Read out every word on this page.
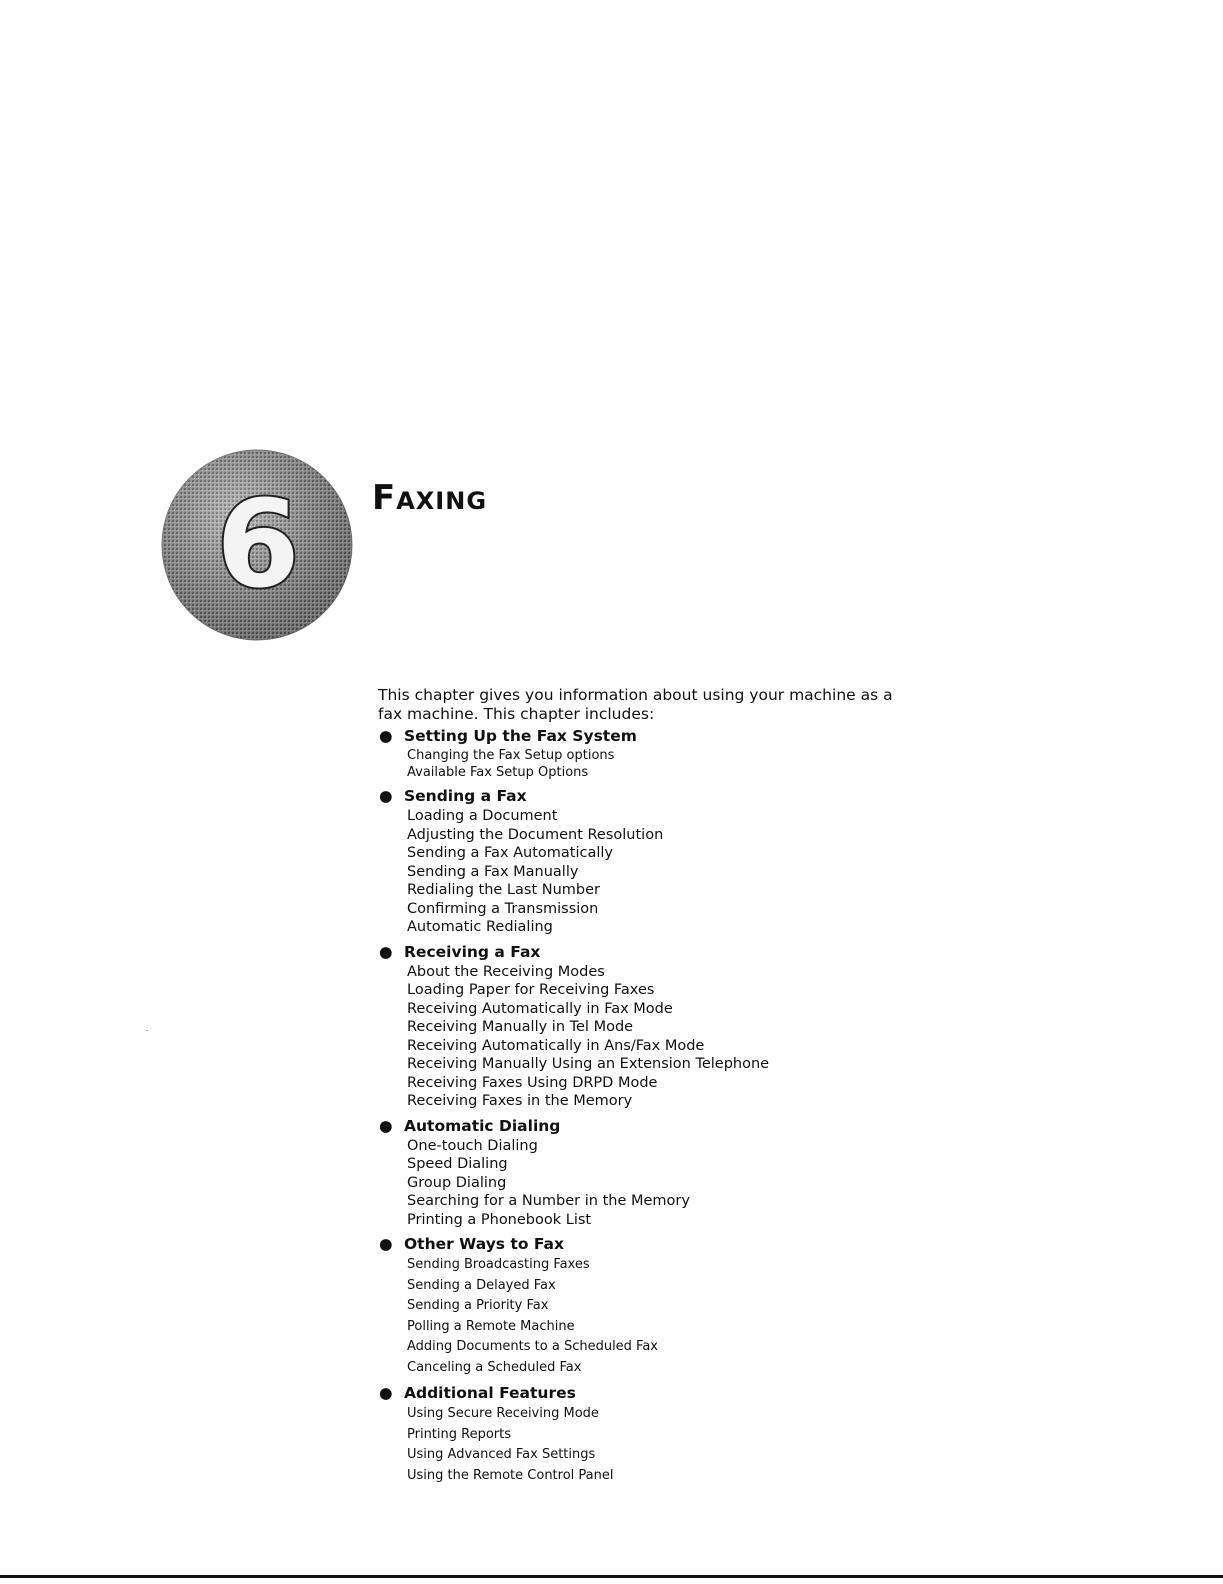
6 Faxing

This chapter gives you information about using your machine as a fax machine. This chapter includes:

● Setting Up the Fax System
Changing the Fax Setup options
Available Fax Setup Options
● Sending a Fax
Loading a Document
Adjusting the Document Resolution
Sending a Fax Automatically
Sending a Fax Manually
Redialing the Last Number
Confirming a Transmission
Automatic Redialing
● Receiving a Fax
About the Receiving Modes
Loading Paper for Receiving Faxes
Receiving Automatically in Fax Mode
Receiving Manually in Tel Mode
Receiving Automatically in Ans/Fax Mode
Receiving Manually Using an Extension Telephone
Receiving Faxes Using DRPD Mode
Receiving Faxes in the Memory
● Automatic Dialing
One-touch Dialing
Speed Dialing
Group Dialing
Searching for a Number in the Memory
Printing a Phonebook List
● Other Ways to Fax
Sending Broadcasting Faxes
Sending a Delayed Fax
Sending a Priority Fax
Polling a Remote Machine
Adding Documents to a Scheduled Fax
Canceling a Scheduled Fax
● Additional Features
Using Secure Receiving Mode
Printing Reports
Using Advanced Fax Settings
Using the Remote Control Panel
